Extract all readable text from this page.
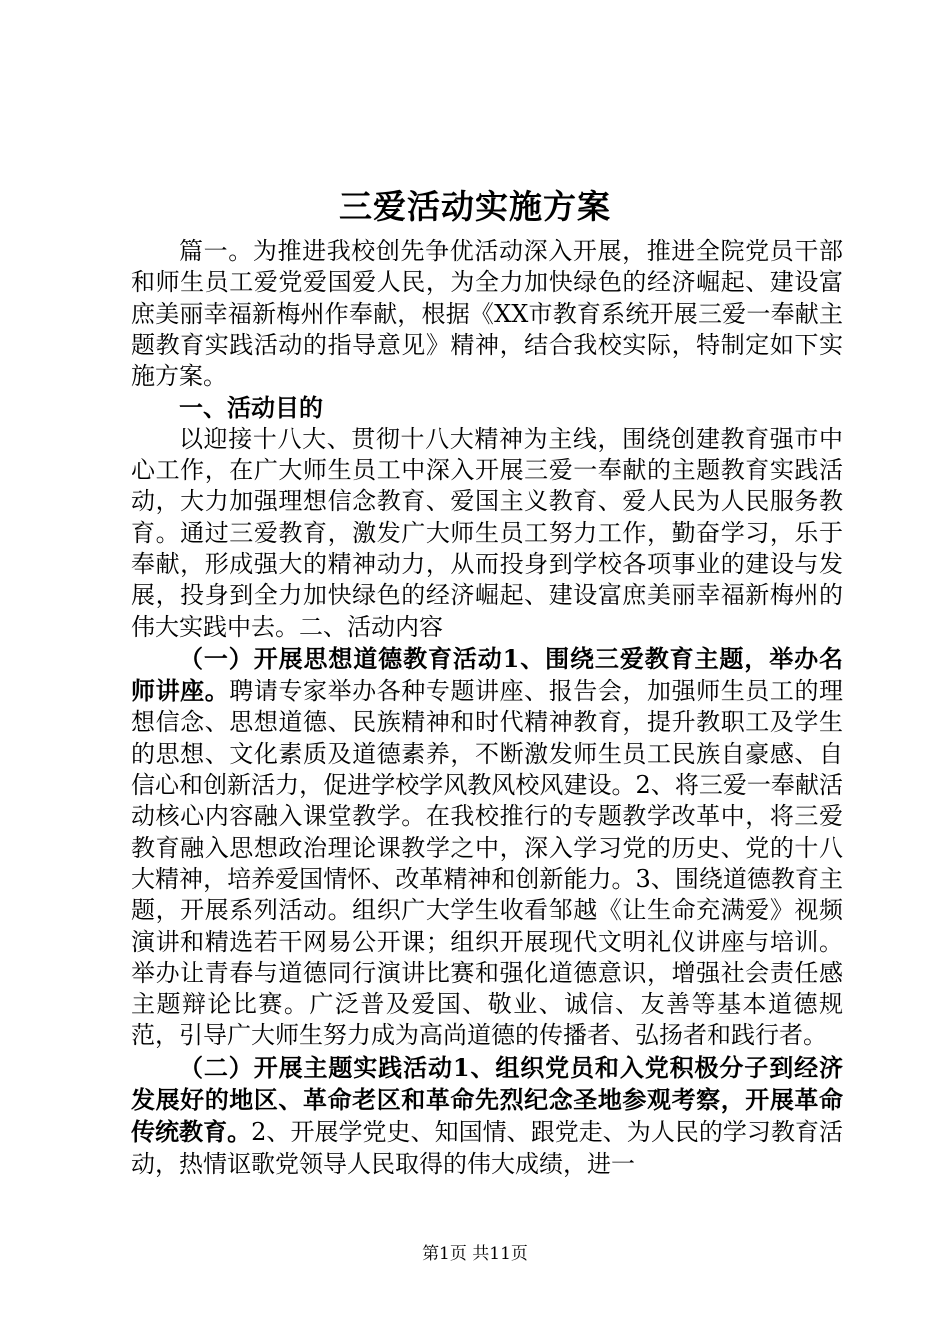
三爱活动实施方案

篇一。为推进我校创先争优活动深入开展，推进全院党员干部和师生员工爱党爱国爱人民，为全力加快绿色的经济崛起、建设富庶美丽幸福新梅州作奉献，根据《XX市教育系统开展三爱一奉献主题教育实践活动的指导意见》精神，结合我校实际，特制定如下实施方案。

一、活动目的

以迎接十八大、贯彻十八大精神为主线，围绕创建教育强市中心工作，在广大师生员工中深入开展三爱一奉献的主题教育实践活动，大力加强理想信念教育、爱国主义教育、爱人民为人民服务教育。通过三爱教育，激发广大师生员工努力工作，勤奋学习，乐于奉献，形成强大的精神动力，从而投身到学校各项事业的建设与发展，投身到全力加快绿色的经济崛起、建设富庶美丽幸福新梅州的伟大实践中去。二、活动内容

（一）开展思想道德教育活动1、围绕三爱教育主题，举办名师讲座。聘请专家举办各种专题讲座、报告会，加强师生员工的理想信念、思想道德、民族精神和时代精神教育，提升教职工及学生的思想、文化素质及道德素养，不断激发师生员工民族自豪感、自信心和创新活力，促进学校学风教风校风建设。2、将三爱一奉献活动核心内容融入课堂教学。在我校推行的专题教学改革中，将三爱教育融入思想政治理论课教学之中，深入学习党的历史、党的十八大精神，培养爱国情怀、改革精神和创新能力。3、围绕道德教育主题，开展系列活动。组织广大学生收看邹越《让生命充满爱》视频演讲和精选若干网易公开课；组织开展现代文明礼仪讲座与培训。举办让青春与道德同行演讲比赛和强化道德意识，增强社会责任感主题辩论比赛。广泛普及爱国、敬业、诚信、友善等基本道德规范，引导广大师生努力成为高尚道德的传播者、弘扬者和践行者。

（二）开展主题实践活动1、组织党员和入党积极分子到经济发展好的地区、革命老区和革命先烈纪念圣地参观考察，开展革命传统教育。2、开展学党史、知国情、跟党走、为人民的学习教育活动，热情讴歌党领导人民取得的伟大成绩，进一

第1页 共11页
